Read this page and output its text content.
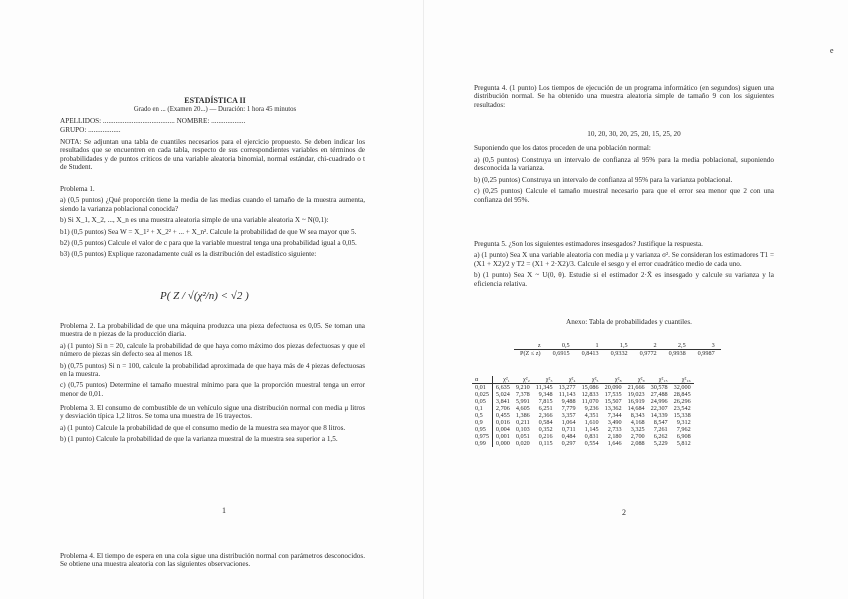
ESTADÍSTICA II
Grado en ... (Examen 20...) — Duración: 1 hora 45 minutos
APELLIDOS: ........................................ NOMBRE: ...................
GRUPO: ..................
NOTA: Se adjuntan una tabla de cuantiles necesarios para el ejercicio propuesto. Se deben indicar los resultados que se encuentren en cada tabla, respecto de sus correspondientes variables en términos de probabilidades y de puntos críticos de una variable aleatoria binomial, normal estándar, chi-cuadrado o t de Student.

Problema 1.

a) (0,5 puntos) ¿Qué proporción tiene la media de las medias cuando el tamaño de la muestra aumenta, siendo la varianza poblacional conocida?

b) Si X_1, X_2, ..., X_n es una muestra aleatoria simple de una variable aleatoria X ~ N(0,1):

b1) (0,5 puntos) Sea W = X_1² + X_2² + ... + X_n². Calcule la probabilidad de que W sea mayor que 5.

b2) (0,5 puntos) Calcule el valor de c para que la variable muestral tenga una probabilidad igual a 0,05.

b3) (0,5 puntos) Explique razonadamente cuál es la distribución del estadístico siguiente:

P( Z / √(χ²/n) < √2 )

Problema 2. La probabilidad de que una máquina produzca una pieza defectuosa es 0,05. Se toman una muestra de n piezas de la producción diaria.

a) (1 punto) Si n = 20, calcule la probabilidad de que haya como máximo dos piezas defectuosas y que el número de piezas sin defecto sea al menos 18.

b) (0,75 puntos) Si n = 100, calcule la probabilidad aproximada de que haya más de 4 piezas defectuosas en la muestra.

c) (0,75 puntos) Determine el tamaño muestral mínimo para que la proporción muestral tenga un error menor de 0,01.

Problema 3. El consumo de combustible de un vehículo sigue una distribución normal con media μ litros y desviación típica 1,2 litros. Se toma una muestra de 16 trayectos.

a) (1 punto) Calcule la probabilidad de que el consumo medio de la muestra sea mayor que 8 litros.

b) (1 punto) Calcule la probabilidad de que la varianza muestral de la muestra sea superior a 1,5.

1
Problema 4. El tiempo de espera en una cola sigue una distribución normal con parámetros desconocidos. Se obtiene una muestra aleatoria con las siguientes observaciones.
Pregunta 4. (1 punto) Los tiempos de ejecución de un programa informático (en segundos) siguen una distribución normal. Se ha obtenido una muestra aleatoria simple de tamaño 9 con los siguientes resultados:
10, 20, 30, 20, 25, 20, 15, 25, 20
Suponiendo que los datos proceden de una población normal:

a) (0,5 puntos) Construya un intervalo de confianza al 95% para la media poblacional, suponiendo desconocida la varianza.

b) (0,25 puntos) Construya un intervalo de confianza al 95% para la varianza poblacional.

c) (0,25 puntos) Calcule el tamaño muestral necesario para que el error sea menor que 2 con una confianza del 95%.

Pregunta 5. ¿Son los siguientes estimadores insesgados? Justifique la respuesta.

a) (1 punto) Sea X una variable aleatoria con media μ y varianza σ². Se consideran los estimadores T1 = (X1 + X2)/2 y T2 = (X1 + 2·X2)/3. Calcule el sesgo y el error cuadrático medio de cada uno.

b) (1 punto) Sea X ~ U(0, θ). Estudie si el estimador 2·X̄ es insesgado y calcule su varianza y la eficiencia relativa.

Anexo: Tabla de probabilidades y cuantiles.
z	0,5	1	1,5	2	2,5	3
P(Z ≤ z)	0,6915	0,8413	0,9332	0,9772	0,9938	0,9987
α	χ²₁	χ²₂	χ²₃	χ²₄	χ²₅	χ²₈	χ²₉	χ²₁₅	χ²₁₆
0,01	6,635	9,210	11,345	13,277	15,086	20,090	21,666	30,578	32,000
0,025	5,024	7,378	9,348	11,143	12,833	17,535	19,023	27,488	28,845
0,05	3,841	5,991	7,815	9,488	11,070	15,507	16,919	24,996	26,296
0,1	2,706	4,605	6,251	7,779	9,236	13,362	14,684	22,307	23,542
0,5	0,455	1,386	2,366	3,357	4,351	7,344	8,343	14,339	15,338
0,9	0,016	0,211	0,584	1,064	1,610	3,490	4,168	8,547	9,312
0,95	0,004	0,103	0,352	0,711	1,145	2,733	3,325	7,261	7,962
0,975	0,001	0,051	0,216	0,484	0,831	2,180	2,700	6,262	6,908
0,99	0,000	0,020	0,115	0,297	0,554	1,646	2,088	5,229	5,812
2
e
